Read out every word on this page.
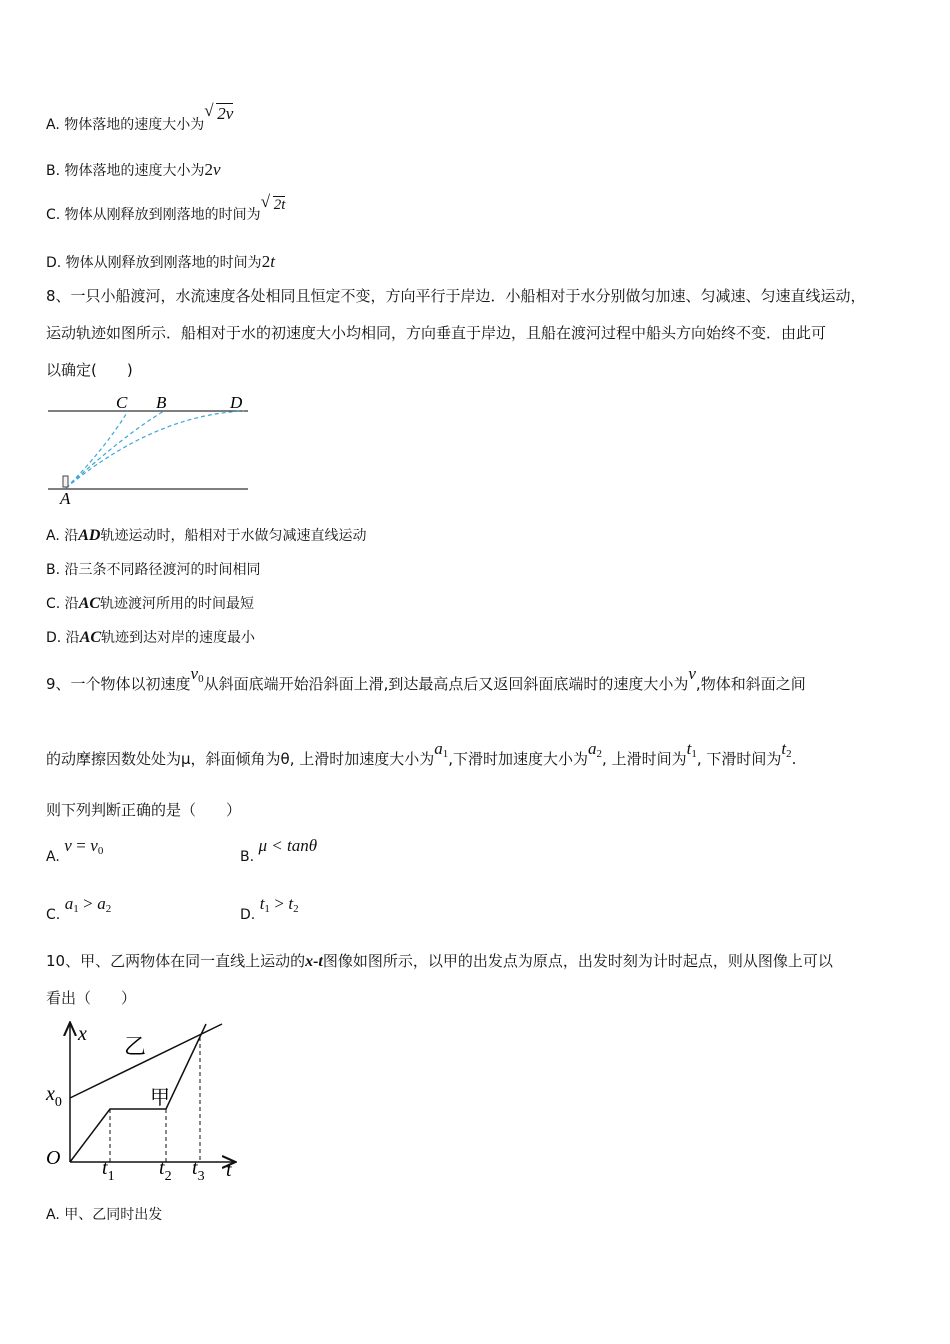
A. 物体落地的速度大小为
√ 2v
B. 物体落地的速度大小为2v
C. 物体从刚释放到刚落地的时间为
√ 2t
D. 物体从刚释放到刚落地的时间为2t
8、一只小船渡河，水流速度各处相同且恒定不变，方向平行于岸边．小船相对于水分别做匀加速、匀减速、匀速直线运动，
运动轨迹如图所示．船相对于水的初速度大小均相同，方向垂直于岸边，且船在渡河过程中船头方向始终不变．由此可
以确定(　　)
C B	D
A
A. 沿AD轨迹运动时，船相对于水做匀减速直线运动
B. 沿三条不同路径渡河的时间相同
C. 沿AC轨迹渡河所用的时间最短
D. 沿AC轨迹到达对岸的速度最小
9、一个物体以初速度$v_0$从斜面底端开始沿斜面上滑,到达最高点后又返回斜面底端时的速度大小为v,物体和斜面之间
的动摩擦因数处处为μ，斜面倾角为θ, 上滑时加速度大小为$a_1$,下滑时加速度大小为$a_2$, 上滑时间为$t_1$, 下滑时间为$t_2$.
则下列判断正确的是（　　）
A. $v = v_0$	B. μ < tanθ
C. $a_1 > a_2$	D. $t_1 > t_2$
10、甲、乙两物体在同一直线上运动的x-t图像如图所示，以甲的出发点为原点，出发时刻为计时起点，则从图像上可以
看出（　　）
x
t
O
$x_0$
乙
甲
$t_1$ $t_2$ $t_3$
A. 甲、乙同时出发
